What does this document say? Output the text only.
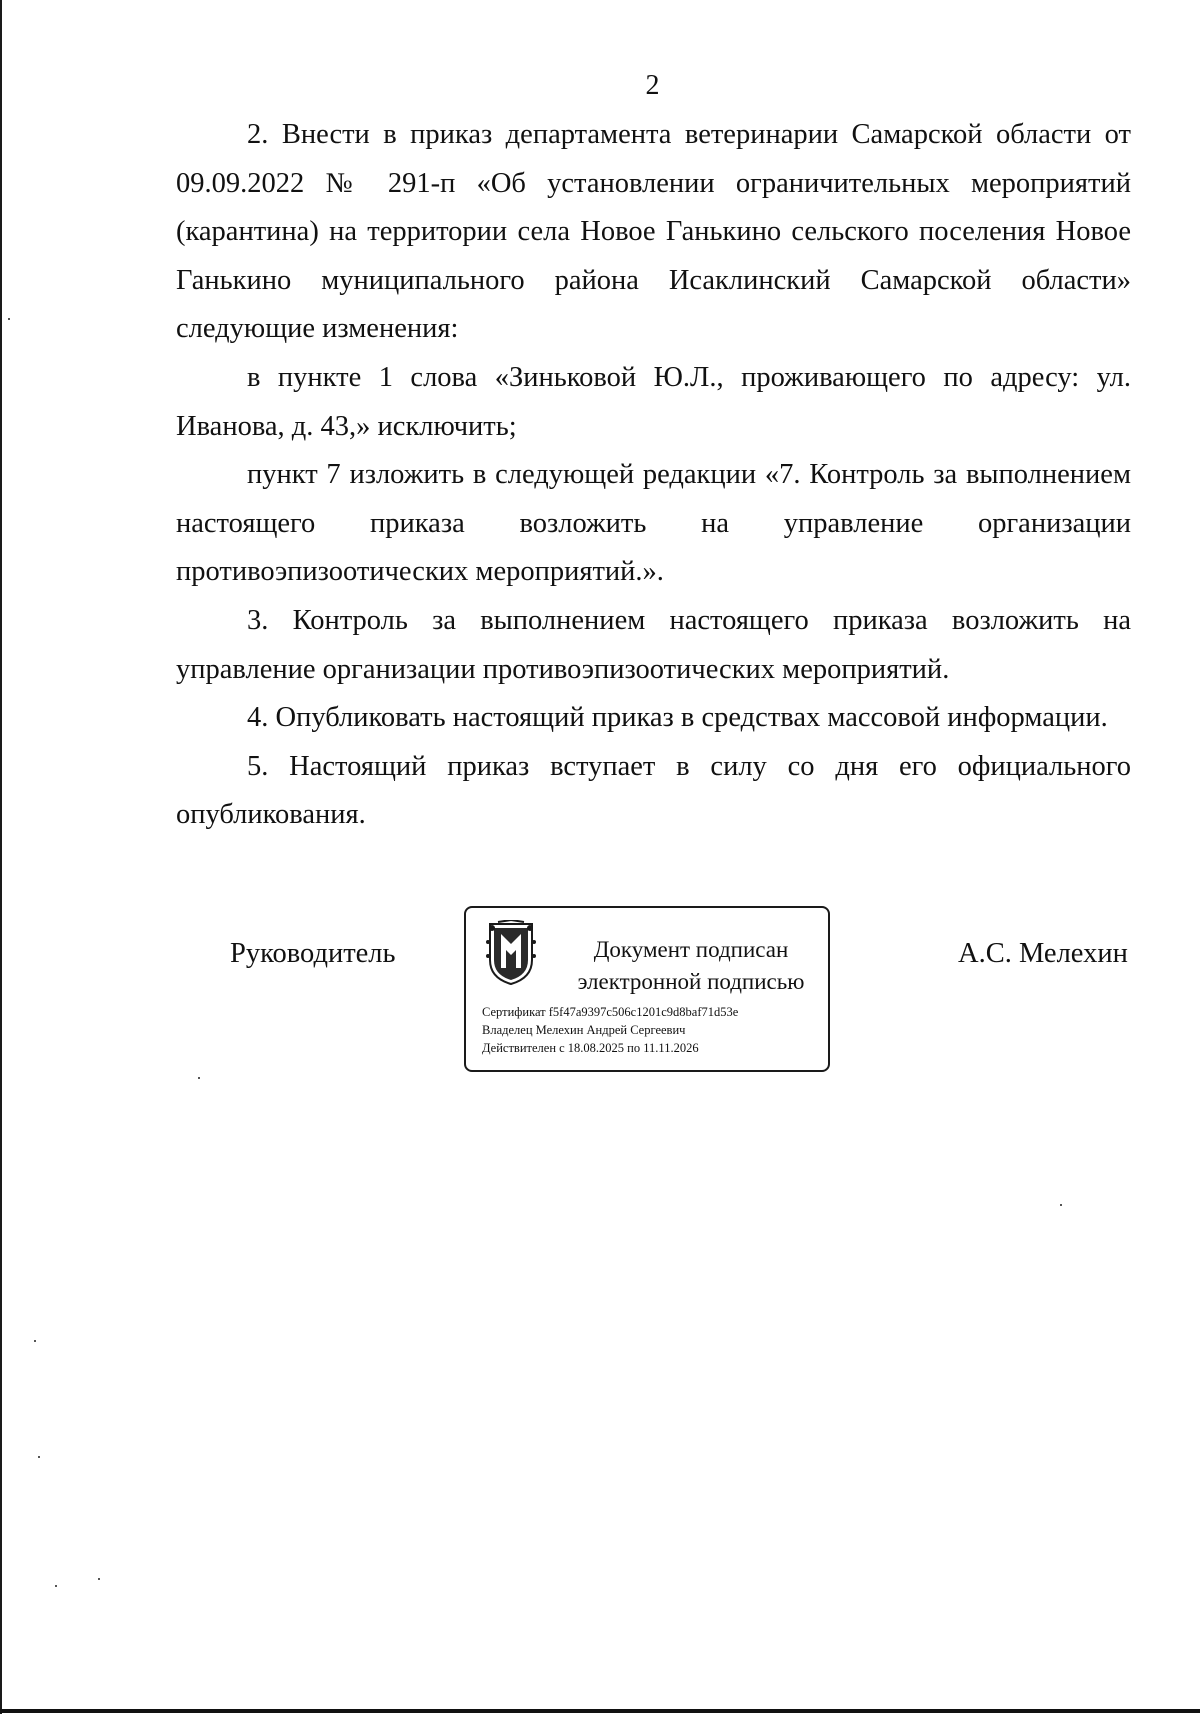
2

2. Внести в приказ департамента ветеринарии Самарской области от 09.09.2022 № 291-п «Об установлении ограничительных мероприятий (карантина) на территории села Новое Ганькино сельского поселения Новое Ганькино муниципального района Исаклинский Самарской области» следующие изменения:

в пункте 1 слова «Зиньковой Ю.Л., проживающего по адресу: ул. Иванова, д. 43,» исключить;

пункт 7 изложить в следующей редакции «7. Контроль за выполнением настоящего приказа возложить на управление организации противоэпизоотических мероприятий.».

3. Контроль за выполнением настоящего приказа возложить на управление организации противоэпизоотических мероприятий.

4. Опубликовать настоящий приказ в средствах массовой информации.

5. Настоящий приказ вступает в силу со дня его официального опубликования.

Руководитель	Документ подписан
электронной подписью
Сертификат f5f47a9397c506c1201c9d8baf71d53e
Владелец Мелехин Андрей Сергеевич
Действителен с 18.08.2025 по 11.11.2026
А.С. Мелехин
